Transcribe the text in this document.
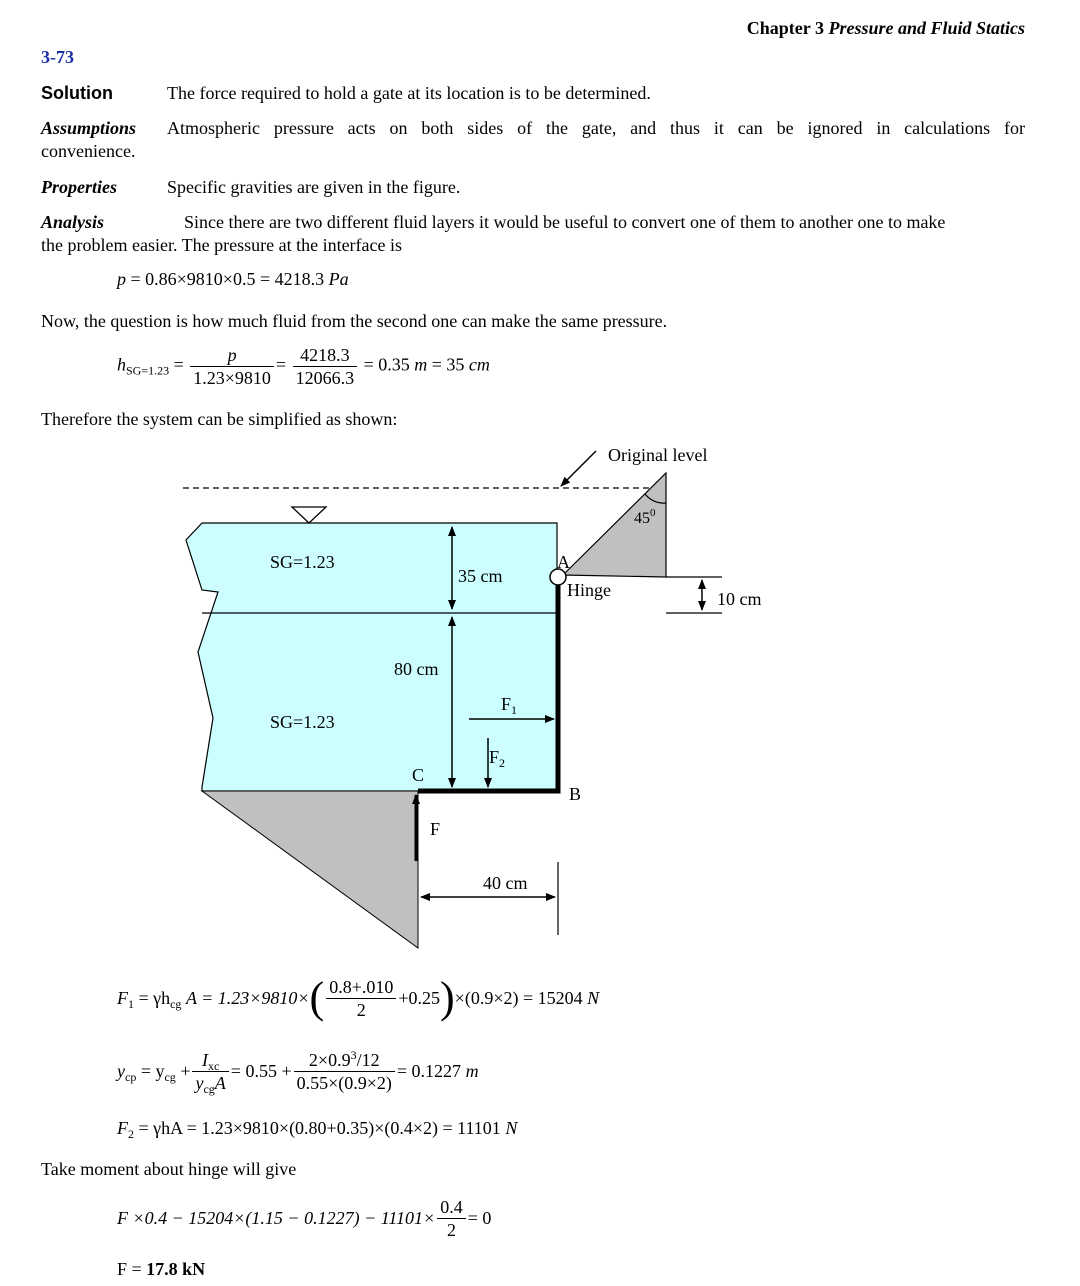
Chapter 3 Pressure and Fluid Statics
3-73
Solution	The force required to hold a gate at its location is to be determined.
Assumptions Atmospheric pressure acts on both sides of the gate, and thus it can be ignored in calculations for
convenience.
Properties	Specific gravities are given in the figure.
Analysis	Since there are two different fluid layers it would be useful to convert one of them to another one to make
the problem easier. The pressure at the interface is
p = 0.86×9810×0.5 = 4218.3 Pa
Now, the question is how much fluid from the second one can make the same pressure.
$h_{SG=1.23} = \frac{p}{1.23\times 9810} = \frac{4218.3}{12066.3} = 0.35$ m = 35 cm
Therefore the system can be simplified as shown:
Original level
SG=1.23
SG=1.23
35 cm
80 cm
$45^0$
10 cm
A
Hinge
B
C
$F_1$
$F_2$
F
40 cm
$F_1 = \gamma h_{cg}$ A = 1.23×9810× ( $\frac{0.8+.010}{2} +0.25$ ) × (0.9×2)
= 15204
N
$y_{cp} = y_{cg} + \frac{I_{xc}}{y_{cg}A} = 0.55 + \frac{2\times 0.9^3/12}{0.55\times(0.9\times 2)} = 0.1227$
m
$F_2 = \gamma hA = 1.23\times 9810\times(0.80+0.35)\times(0.4\times 2) = 11101$ N
Take moment about hinge will give
$F \times 0.4 - 15204\times(1.15 - 0.1227) - 11101\times \frac{0.4}{2} = 0$
F = 17.8 kN
